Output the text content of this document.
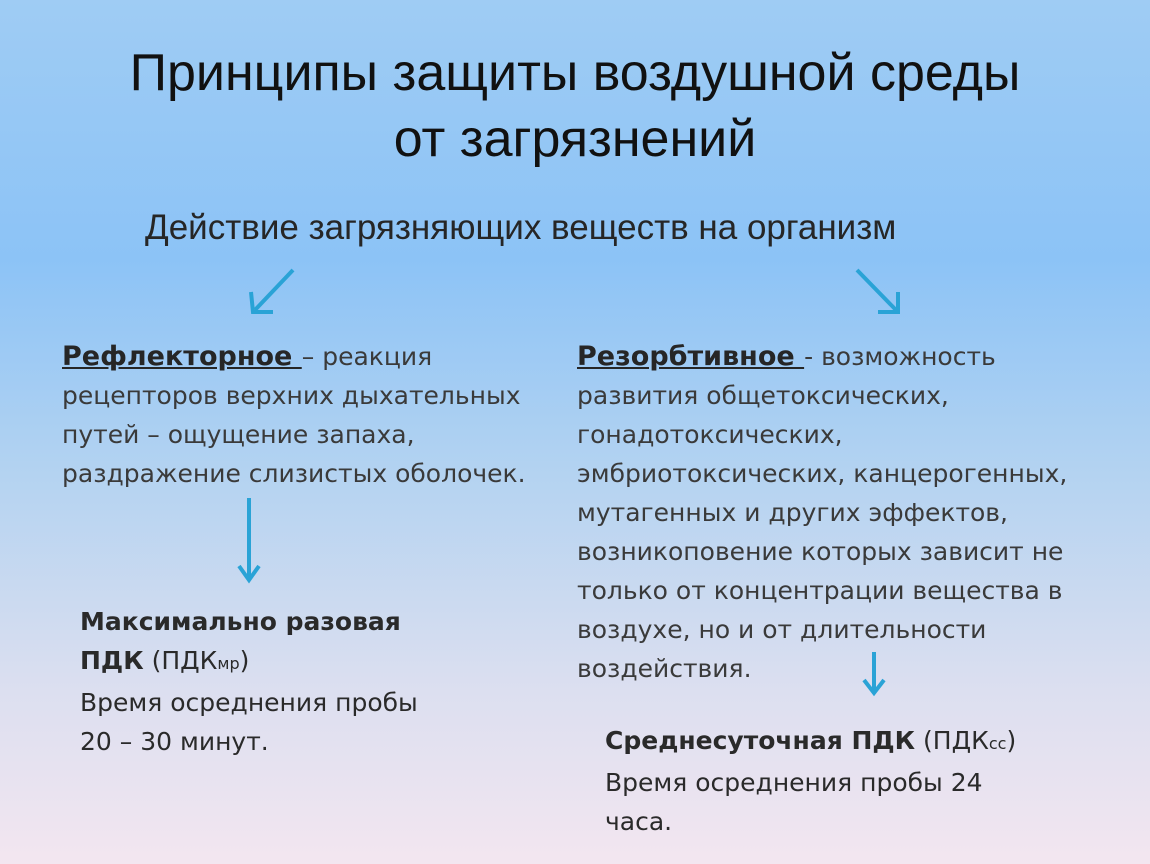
Принципы защиты воздушной среды
от загрязнений
Действие загрязняющих веществ на организм
Рефлекторное – реакция рецепторов верхних дыхательных путей – ощущение запаха, раздражение слизистых оболочек.
Резорбтивное - возможность развития общетоксических, гонадотоксических, эмбриотоксических, канцерогенных, мутагенных и других эффектов, возникоповение которых зависит не только от концентрации вещества в воздухе, но и от длительности воздействия.
Максимально разовая ПДК (ПДКмр)
Время осреднения пробы 20 – 30 минут.	Среднесуточная ПДК (ПДКсс)
Время осреднения пробы 24 часа.
